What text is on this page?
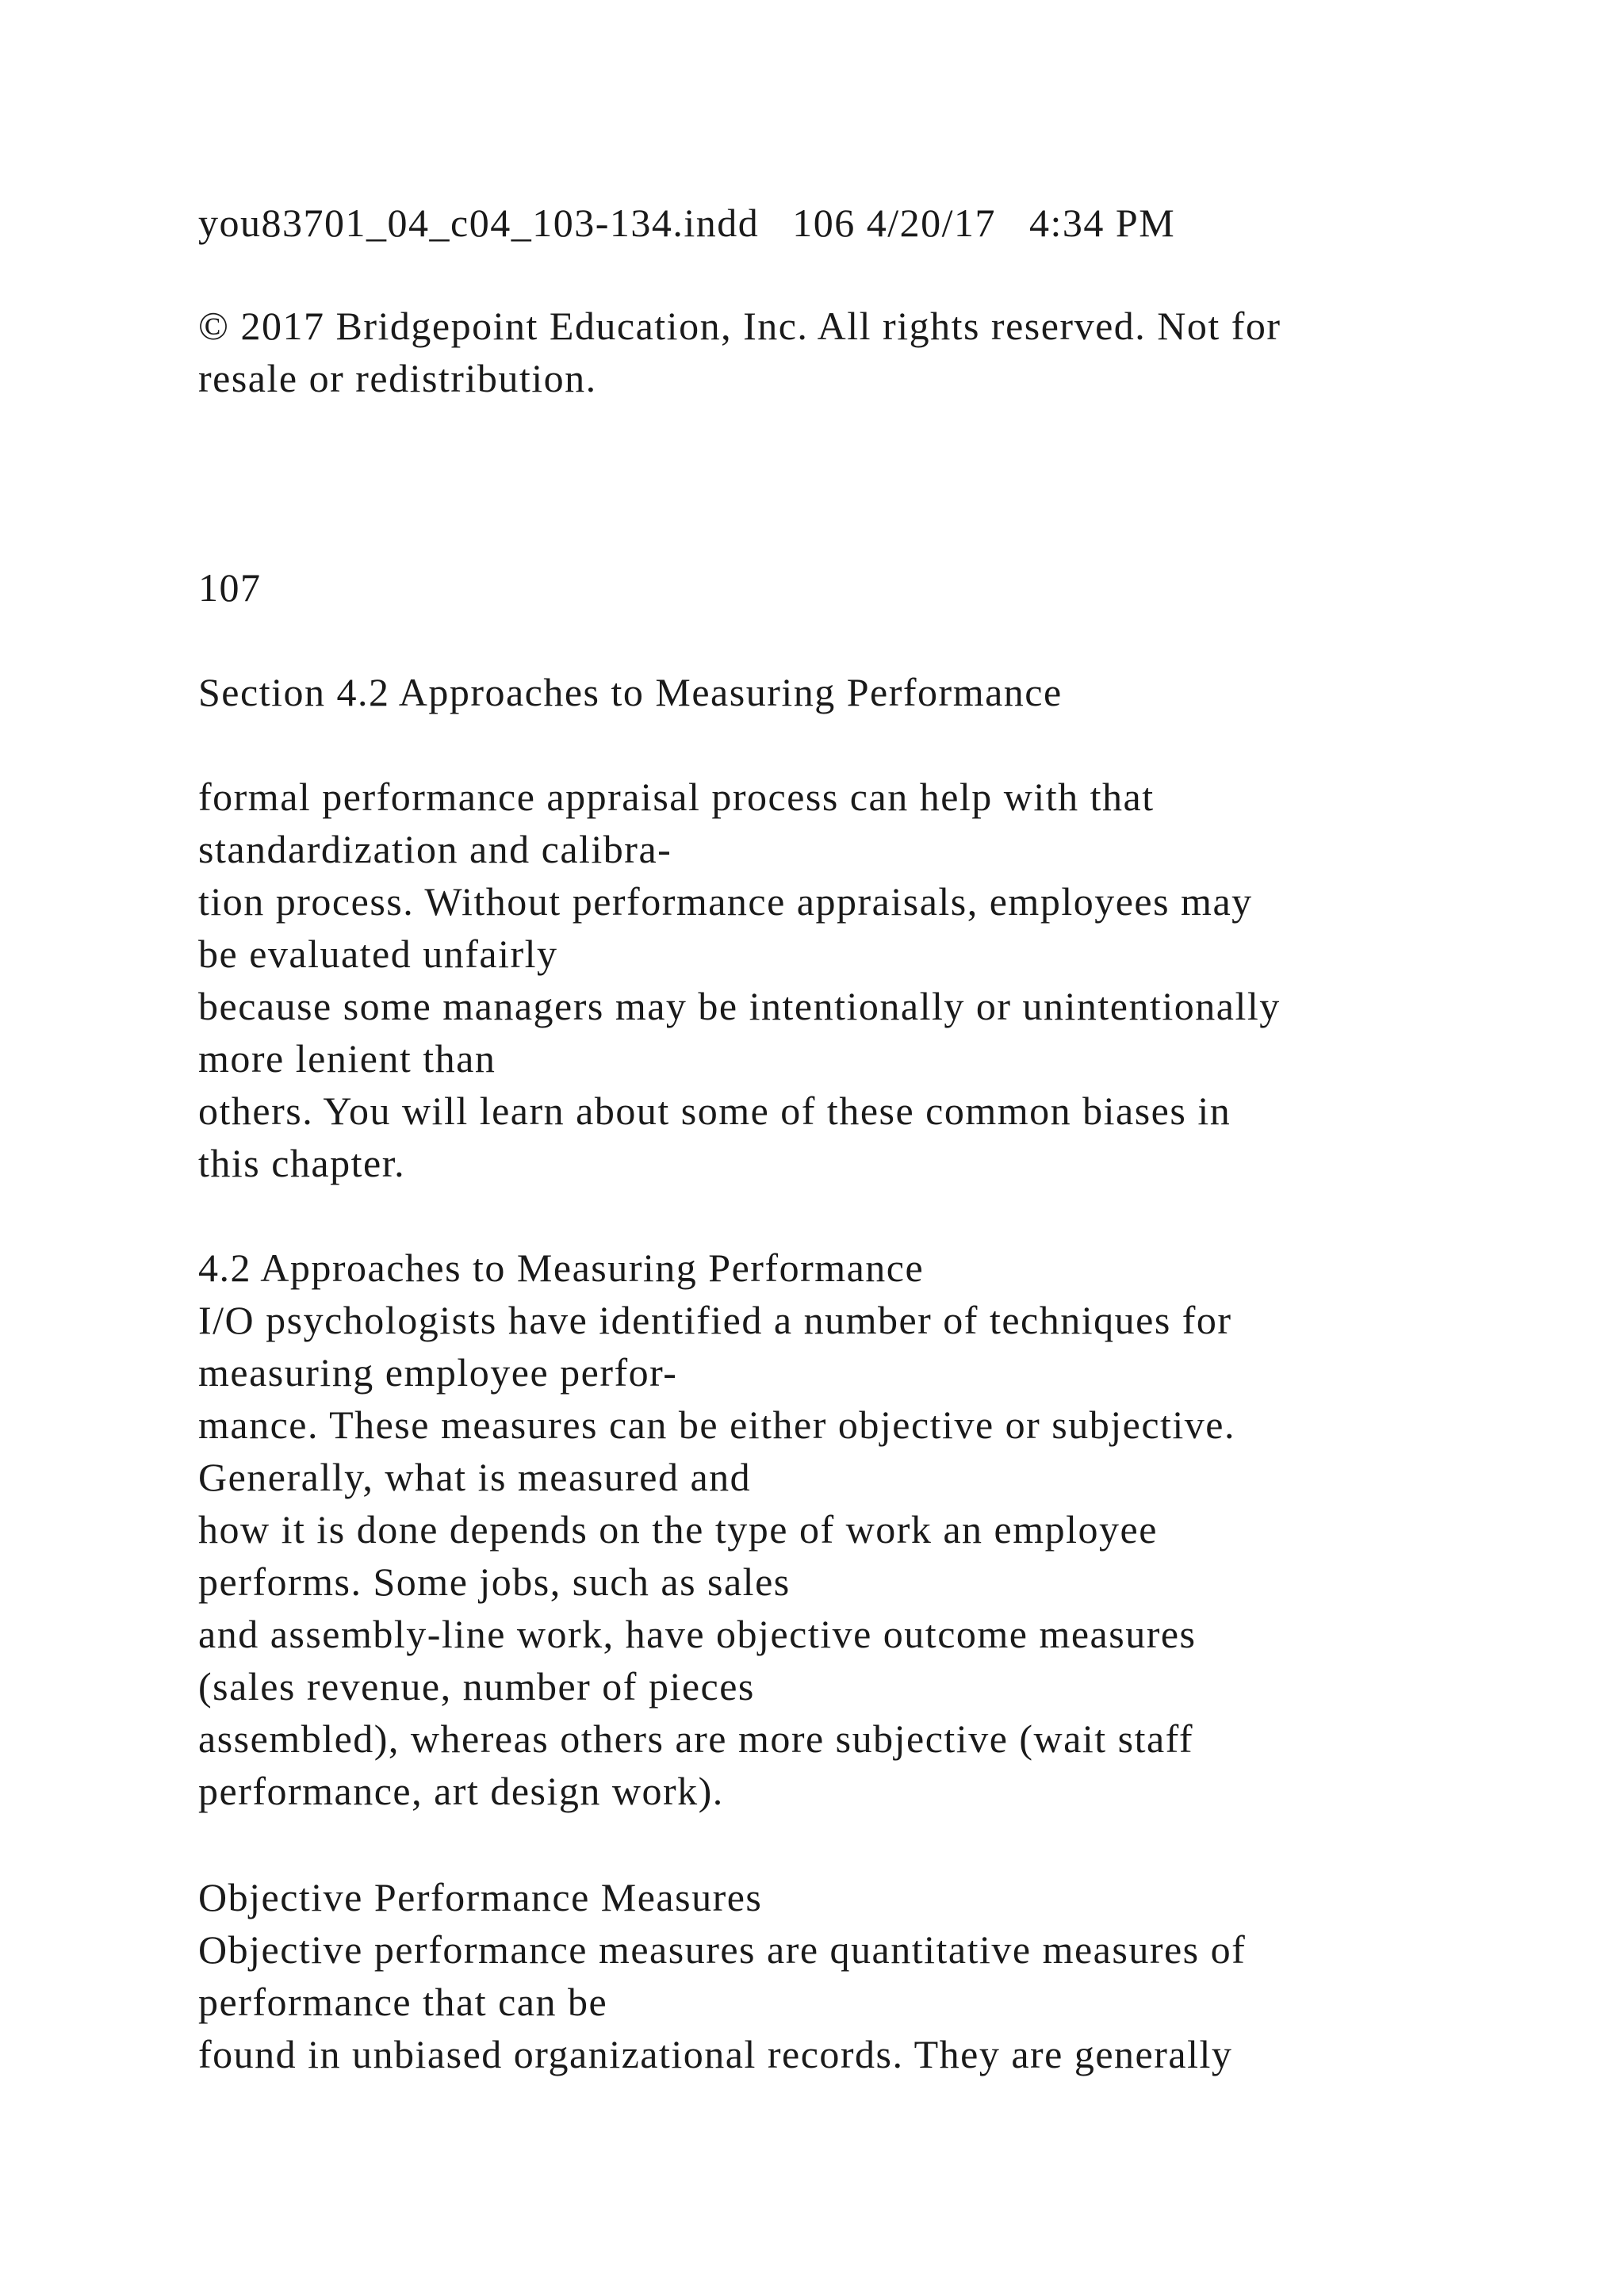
you83701_04_c04_103-134.indd   106 4/20/17   4:34 PM
© 2017 Bridgepoint Education, Inc. All rights reserved. Not for
resale or redistribution.
107
Section 4.2 Approaches to Measuring Performance
formal performance appraisal process can help with that
standardization and calibra-
tion process. Without performance appraisals, employees may
be evaluated unfairly
because some managers may be intentionally or unintentionally
more lenient than
others. You will learn about some of these common biases in
this chapter.
4.2 Approaches to Measuring Performance
I/O psychologists have identified a number of techniques for
measuring employee perfor-
mance. These measures can be either objective or subjective.
Generally, what is measured and
how it is done depends on the type of work an employee
performs. Some jobs, such as sales
and assembly-line work, have objective outcome measures
(sales revenue, number of pieces
assembled), whereas others are more subjective (wait staff
performance, art design work).
Objective Performance Measures
Objective performance measures are quantitative measures of
performance that can be
found in unbiased organizational records. They are generally
